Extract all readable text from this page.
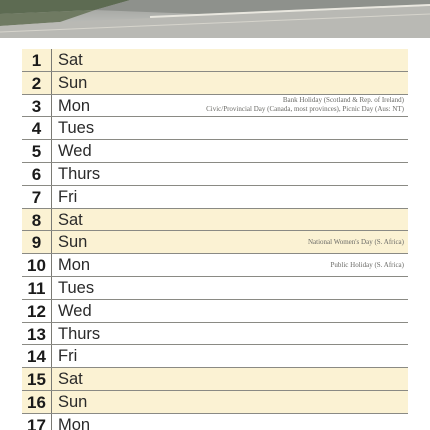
1	Sat
2	Sun
3	Mon	Bank Holiday (Scotland & Rep. of Ireland)
Civic/Provincial Day (Canada, most provinces), Picnic Day (Aus: NT)
4	Tues
5	Wed
6	Thurs
7	Fri
8	Sat
9	Sun	National Women's Day (S. Africa)
10 Mon	Public Holiday (S. Africa)
11 Tues
12 Wed
13 Thurs
14 Fri
15 Sat
16 Sun
17 Mon
